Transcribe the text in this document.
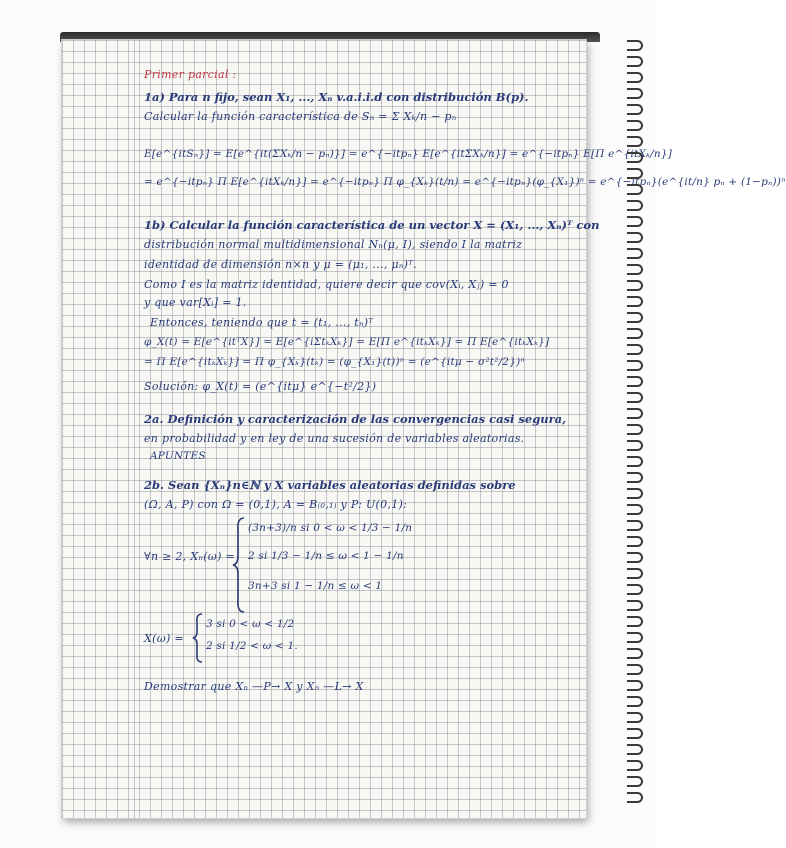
Primer parcial :
1a) Para n fijo, sean X₁, ..., Xₙ v.a.i.i.d con distribución B(p).
Calcular la función característica de Sₙ = Σ Xₖ/n − pₙ
E[e^{itSₙ}] = E[e^{it(ΣXₖ/n − pₙ)}] = e^{−itpₙ} E[e^{itΣXₖ/n}] = e^{−itpₙ} E[Π e^{itXₖ/n}]
= e^{−itpₙ} Π E[e^{itXₖ/n}] = e^{−itpₙ} Π φ_{Xₖ}(t/n) = e^{−itpₙ}(φ_{X₁})ⁿ = e^{−itpₙ}(e^{it/n} pₙ + (1−pₙ))ⁿ
1b) Calcular la función característica de un vector X = (X₁, ..., Xₙ)ᵀ con
distribución normal multidimensional Nₙ(μ, I), siendo I la matriz
identidad de dimensión n×n y μ = (μ₁, ..., μₙ)ᵀ.
Como I es la matriz identidad, quiere decir que cov(Xᵢ, Xⱼ) = 0
y que var[Xᵢ] = 1.
Entonces, teniendo que t = (t₁, ..., tₙ)ᵀ
φ_X(t) = E[e^{itᵀX}] = E[e^{iΣtₖXₖ}] = E[Π e^{itₖXₖ}] = Π E[e^{itₖXₖ}]
= Π E[e^{itₖXₖ}] = Π φ_{Xₖ}(tₖ) = (φ_{X₁}(t))ⁿ = (e^{itμ − σ²t²/2})ⁿ
Solución: φ_X(t) = (e^{itμ} e^{−t²/2})
2a. Definición y caracterización de las convergencias casi segura,
en probabilidad y en ley de una sucesión de variables aleatorias.
APUNTES
2b. Sean {Xₙ}n∈ℕ y X variables aleatorias definidas sobre
(Ω, A, P) con Ω = (0,1), A = B₍₀,₁₎ y P: U(0,1):
∀n ≥ 2, Xₙ(ω) =
(3n+3)/n si 0 < ω < 1/3 − 1/n
2 si 1/3 − 1/n ≤ ω < 1 − 1/n
3n+3 si 1 − 1/n ≤ ω < 1
X(ω) =
3 si 0 < ω < 1/2
2 si 1/2 < ω < 1.
Demostrar que Xₙ —P→ X y Xₙ —L→ X
